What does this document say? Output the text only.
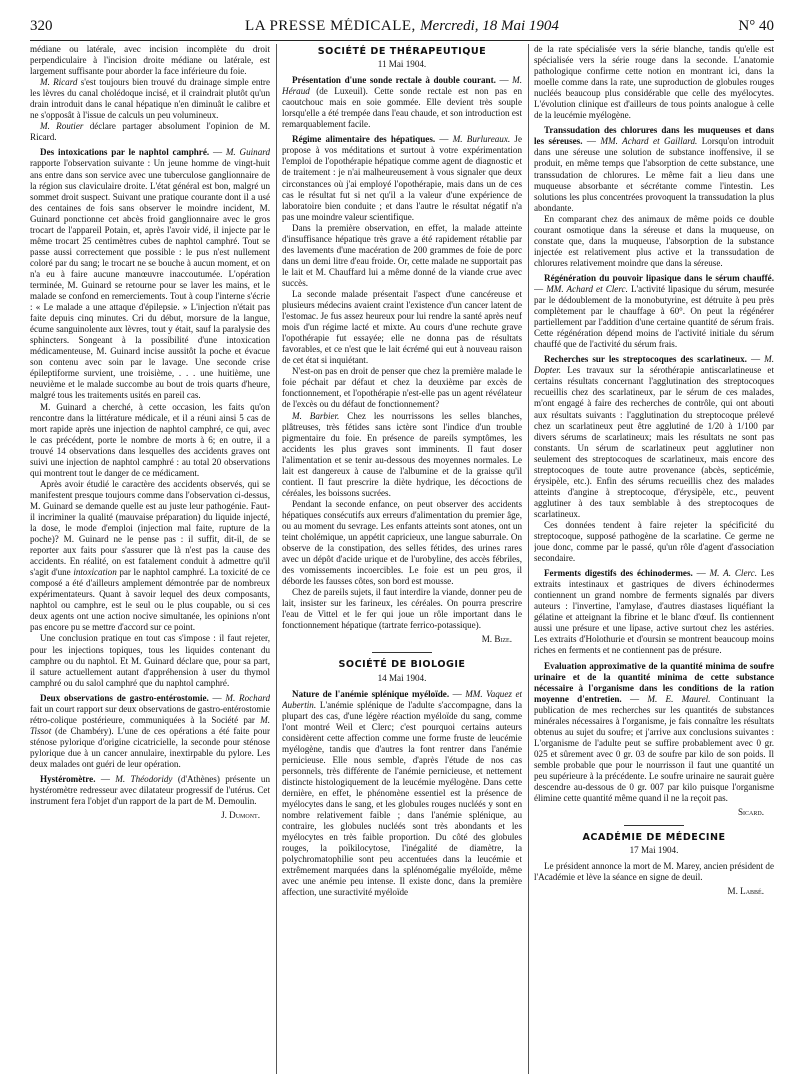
320	LA PRESSE MÉDICALE, Mercredi, 18 Mai 1904	N° 40

médiane ou latérale, avec incision incomplète du droit perpendiculaire à l'incision droite médiane ou latérale, est largement suffisante pour aborder la face inférieure du foie.

M. Ricard s'est toujours bien trouvé du drainage simple entre les lèvres du canal cholédoque incisé, et il craindrait plutôt qu'un drain introduit dans le canal hépatique n'en diminuât le calibre et ne s'opposât à l'issue de calculs un peu volumineux.

M. Routier déclare partager absolument l'opinion de M. Ricard.

Des intoxications par le naphtol camphré. — M. Guinard rapporte l'observation suivante : Un jeune homme de vingt-huit ans entre dans son service avec une tuberculose ganglionnaire de la région sus claviculaire droite. L'état général est bon, malgré un sommet droit suspect. Suivant une pratique courante dont il a usé des centaines de fois sans observer le moindre incident, M. Guinard ponctionne cet abcès froid ganglionnaire avec le gros trocart de l'appareil Potain, et, après l'avoir vidé, il injecte par le même trocart 25 centimètres cubes de naphtol camphré. Tout se passe aussi correctement que possible : le pus n'est nullement coloré par du sang; le trocart ne se bouche à aucun moment, et on n'a eu à faire aucune manœuvre inaccoutumée. L'opération terminée, M. Guinard se retourne pour se laver les mains, et le malade se confond en remerciements. Tout à coup l'interne s'écrie : « Le malade a une attaque d'épilepsie. » L'injection n'était pas faite depuis cinq minutes. Cri du début, morsure de la langue, écume sanguinolente aux lèvres, tout y était, sauf la paralysie des sphincters. Songeant à la possibilité d'une intoxication médicamenteuse, M. Guinard incise aussitôt la poche et évacue son contenu avec soin par le lavage. Une seconde crise épileptiforme survient, une troisième, . . . une huitième, une neuvième et le malade succombe au bout de trois quarts d'heure, malgré tous les traitements usités en pareil cas.

M. Guinard a cherché, à cette occasion, les faits qu'on rencontre dans la littérature médicale, et il a réuni ainsi 5 cas de mort rapide après une injection de naphtol camphré, ce qui, avec le cas précédent, porte le nombre de morts à 6; en outre, il a trouvé 14 observations dans lesquelles des accidents graves ont suivi une injection de naphtol camphré : au total 20 observations qui montrent tout le danger de ce médicament.

Après avoir étudié le caractère des accidents observés, qui se manifestent presque toujours comme dans l'observation ci-dessus, M. Guinard se demande quelle est au juste leur pathogénie. Faut-il incriminer la qualité (mauvaise préparation) du liquide injecté, la dose, le mode d'emploi (injection mal faite, rupture de la poche)? M. Guinard ne le pense pas : il suffit, dit-il, de se reporter aux faits pour s'assurer que là n'est pas la cause des accidents. En réalité, on est fatalement conduit à admettre qu'il s'agit d'une intoxication par le naphtol camphré. La toxicité de ce composé a été d'ailleurs amplement démontrée par de nombreux expérimentateurs. Quant à savoir lequel des deux composants, naphtol ou camphre, est le seul ou le plus coupable, ou si ces deux agents ont une action nocive simultanée, les opinions n'ont pas encore pu se mettre d'accord sur ce point.

Une conclusion pratique en tout cas s'impose : il faut rejeter, pour les injections topiques, tous les liquides contenant du camphre ou du naphtol. Et M. Guinard déclare que, pour sa part, il sature actuellement autant d'appréhension à user du thymol camphré ou du salol camphré que du naphtol camphré.

Deux observations de gastro-entérostomie. — M. Rochard fait un court rapport sur deux observations de gastro-entérostomie rétro-colique postérieure, communiquées à la Société par M. Tissot (de Chambéry). L'une de ces opérations a été faite pour sténose pylorique d'origine cicatricielle, la seconde pour sténose pylorique due à un cancer annulaire, inextirpable du pylore. Les deux malades ont guéri de leur opération.

Hystéromètre. — M. Théodoridy (d'Athènes) présente un hystéromètre redresseur avec dilatateur progressif de l'utérus. Cet instrument fera l'objet d'un rapport de la part de M. Demoulin.

J. Dumont.

SOCIÉTÉ DE THÉRAPEUTIQUE

11 Mai 1904.

Présentation d'une sonde rectale à double courant. — M. Héraud (de Luxeuil). Cette sonde rectale est non pas en caoutchouc mais en soie gommée. Elle devient très souple lorsqu'elle a été trempée dans l'eau chaude, et son introduction est remarquablement facile.

Régime alimentaire des hépatiques. — M. Burlureaux. Je propose à vos méditations et surtout à votre expérimentation l'emploi de l'opothérapie hépatique comme agent de diagnostic et de traitement : je n'ai malheureusement à vous signaler que deux circonstances où j'ai employé l'opothérapie, mais dans un de ces cas le résultat fut si net qu'il a la valeur d'une expérience de laboratoire bien conduite ; et dans l'autre le résultat négatif n'a pas une moindre valeur scientifique.

Dans la première observation, en effet, la malade atteinte d'insuffisance hépatique très grave a été rapidement rétablie par des lavements d'une macération de 200 grammes de foie de porc dans un demi litre d'eau froide. Or, cette malade ne supportait pas le lait et M. Chauffard lui a même donné de la viande crue avec succès.

La seconde malade présentait l'aspect d'une cancéreuse et plusieurs médecins avaient craint l'existence d'un cancer latent de l'estomac. Je fus assez heureux pour lui rendre la santé après neuf mois d'un régime lacté et mixte. Au cours d'une rechute grave l'opothérapie fut essayée; elle ne donna pas de résultats favorables, et ce n'est que le lait écrémé qui eut à nouveau raison de cet état si inquiétant.

N'est-on pas en droit de penser que chez la première malade le foie péchait par défaut et chez la deuxième par excès de fonctionnement, et l'opothérapie n'est-elle pas un agent révélateur de l'excès ou du défaut de fonctionnement?

M. Barbier. Chez les nourrissons les selles blanches, plâtreuses, très fétides sans ictère sont l'indice d'un trouble pigmentaire du foie. En présence de pareils symptômes, les accidents les plus graves sont imminents. Il faut doser l'alimentation et se tenir au-dessous des moyennes normales. Le lait est dangereux à cause de l'albumine et de la graisse qu'il contient. Il faut prescrire la diète hydrique, les décoctions de céréales, les boissons sucrées.

Pendant la seconde enfance, on peut observer des accidents hépatiques consécutifs aux erreurs d'alimentation du premier âge, ou au moment du sevrage. Les enfants atteints sont atones, ont un teint cholémique, un appétit capricieux, une langue saburrale. On observe de la constipation, des selles fétides, des urines rares avec un dépôt d'acide urique et de l'urobyline, des accès fébriles, des vomissements incoercibles. Le foie est un peu gros, il déborde les fausses côtes, son bord est mousse.

Chez de pareils sujets, il faut interdire la viande, donner peu de lait, insister sur les farineux, les céréales. On pourra prescrire l'eau de Vittel et le fer qui joue un rôle important dans le fonctionnement hépatique (tartrate ferrico-potassique).

M. Bize.

SOCIÉTÉ DE BIOLOGIE

14 Mai 1904.

Nature de l'anémie splénique myéloïde. — MM. Vaquez et Aubertin. L'anémie splénique de l'adulte s'accompagne, dans la plupart des cas, d'une légère réaction myéloïde du sang, comme l'ont montré Weil et Clerc; c'est pourquoi certains auteurs considèrent cette affection comme une forme fruste de leucémie myélogène, tandis que d'autres la font rentrer dans l'anémie pernicieuse. Elle nous semble, d'après l'étude de nos cas personnels, très différente de l'anémie pernicieuse, et nettement distincte histologiquement de la leucémie myélogène. Dans cette dernière, en effet, le phénomène essentiel est la présence de myélocytes dans le sang, et les globules rouges nucléés y sont en nombre relativement faible ; dans l'anémie splénique, au contraire, les globules nucléés sont très abondants et les myélocytes en très faible proportion. Du côté des globules rouges, la poïkilocytose, l'inégalité de diamètre, la polychromatophilie sont peu accentuées dans la leucémie et extrêmement marquées dans la splénomégalie myéloïde, même avec une anémie peu intense. Il existe donc, dans la première affection, une suractivité myéloïde

de la rate spécialisée vers la série blanche, tandis qu'elle est spécialisée vers la série rouge dans la seconde. L'anatomie pathologique confirme cette notion en montrant ici, dans la moelle comme dans la rate, une suproduction de globules rouges nucléés beaucoup plus considérable que celle des myélocytes. L'évolution clinique est d'ailleurs de tous points analogue à celle de la leucémie myélogène.

Transsudation des chlorures dans les muqueuses et dans les séreuses. — MM. Achard et Gaillard. Lorsqu'on introduit dans une séreuse une solution de substance inoffensive, il se produit, en même temps que l'absorption de cette substance, une transsudation de chlorures. Le même fait a lieu dans une muqueuse absorbante et sécrétante comme l'intestin. Les solutions les plus concentrées provoquent la transsudation la plus abondante.

En comparant chez des animaux de même poids ce double courant osmotique dans la séreuse et dans la muqueuse, on constate que, dans la muqueuse, l'absorption de la substance injectée est relativement plus active et la transsudation de chlorures relativement moindre que dans la séreuse.

Régénération du pouvoir lipasique dans le sérum chauffé. — MM. Achard et Clerc. L'activité lipasique du sérum, mesurée par le dédoublement de la monobutyrine, est détruite à peu près complètement par le chauffage à 60°. On peut la régénérer partiellement par l'addition d'une certaine quantité de sérum frais. Cette régénération dépend moins de l'activité initiale du sérum chauffé que de l'activité du sérum frais.

Recherches sur les streptocoques des scarlatineux. — M. Dopter. Les travaux sur la sérothérapie antiscarlatineuse et certains résultats concernant l'agglutination des streptocoques recueillis chez des scarlatineux, par le sérum de ces malades, m'ont engagé à faire des recherches de contrôle, qui ont abouti aux résultats suivants : l'agglutination du streptocoque prélevé chez un scarlatineux peut être agglutiné de 1/20 à 1/100 par divers sérums de scarlatineux; mais les résultats ne sont pas constants. Un sérum de scarlatineux peut agglutiner non seulement des streptocoques de scarlatineux, mais encore des streptocoques de toute autre provenance (abcès, septicémie, érysipèle, etc.). Enfin des sérums recueillis chez des malades atteints d'angine à streptocoque, d'érysipèle, etc., peuvent agglutiner à des taux semblable à des streptocoques de scarlatineux.

Ces données tendent à faire rejeter la spécificité du streptocoque, supposé pathogène de la scarlatine. Ce germe ne joue donc, comme par le passé, qu'un rôle d'agent d'association secondaire.

Ferments digestifs des échinodermes. — M. A. Clerc. Les extraits intestinaux et gastriques de divers échinodermes contiennent un grand nombre de ferments signalés par divers auteurs : l'invertine, l'amylase, d'autres diastases liquéfiant la gélatine et atteignant la fibrine et le blanc d'œuf. Ils contiennent aussi une présure et une lipase, active surtout chez les astéries. Les extraits d'Holothurie et d'oursin se montrent beaucoup moins riches en ferments et ne contiennent pas de présure.

Evaluation approximative de la quantité minima de soufre urinaire et de la quantité minima de cette substance nécessaire à l'organisme dans les conditions de la ration moyenne d'entretien. — M. E. Maurel. Continuant la publication de mes recherches sur les quantités de substances minérales nécessaires à l'organisme, je fais connaître les résultats obtenus au sujet du soufre; et j'arrive aux conclusions suivantes : L'organisme de l'adulte peut se suffire probablement avec 0 gr. 025 et sûrement avec 0 gr. 03 de soufre par kilo de son poids. Il semble probable que pour le nourrisson il faut une quantité un peu supérieure à la précédente. Le soufre urinaire ne saurait guère descendre au-dessous de 0 gr. 007 par kilo puisque l'organisme élimine cette quantité même quand il ne la reçoit pas.

Sicard.

ACADÉMIE DE MÉDECINE

17 Mai 1904.

Le président annonce la mort de M. Marey, ancien président de l'Académie et lève la séance en signe de deuil.

M. Labbé.
